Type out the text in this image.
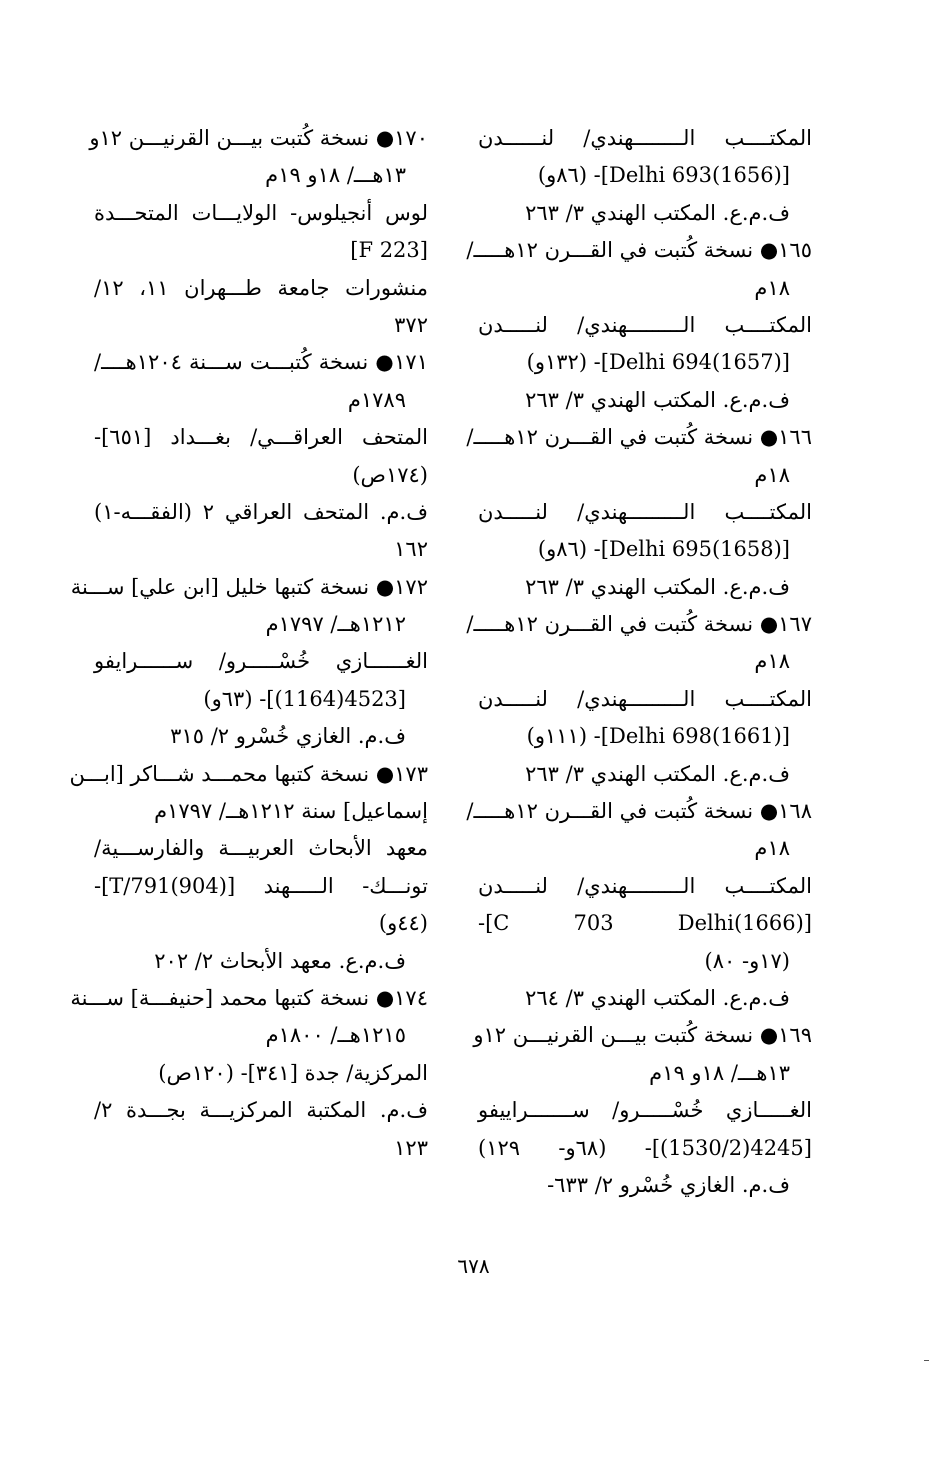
المكتــــب الــــــــهندي/ لنــــــدن
[Delhi 693(1656)]- (٨٦و)
ف.م.ع. المكتب الهندي ٣/ ٢٦٣
١٦٥● نسخة كُتبت في القـــرن ١٢هـــــ/
١٨م
المكتــــب الـــــــــهندي/ لنـــــدن
[Delhi 694(1657)]- (١٣٢و)
ف.م.ع. المكتب الهندي ٣/ ٢٦٣
١٦٦● نسخة كُتبت في القـــرن ١٢هـــــ/
١٨م
المكتــــب الـــــــــهندي/ لنـــــدن
[Delhi 695(1658)]- (٨٦و)
ف.م.ع. المكتب الهندي ٣/ ٢٦٣
١٦٧● نسخة كُتبت في القـــرن ١٢هـــــ/
١٨م
المكتــــب الـــــــــهندي/ لنـــــدن
[Delhi 698(1661)]- (١١١و)
ف.م.ع. المكتب الهندي ٣/ ٢٦٣
١٦٨● نسخة كُتبت في القـــرن ١٢هـــــ/
١٨م
المكتــــب الـــــــــهندي/ لنـــــدن
[C 703 Delhi(1666)]-
(١٧و- ٨٠)
ف.م.ع. المكتب الهندي ٣/ ٢٦٤
١٦٩● نسخة كُتبت بيـــن القرنيـــن ١٢و
١٣هـــ/ ١٨و ١٩م
الغـــــازي خُسْـــــرو/ ســـــــراييفو
[4245(1530/2)]- (٦٨و- ١٢٩)
ف.م. الغازي خُسْرو ٢/ ٦٣٣-
١٧٠● نسخة كُتبت بيـــن القرنيـــن ١٢و
١٣هـــ/ ١٨و ١٩م
لوس أنجيلوس- الولايـــات المتحـــدة
[F 223]
منشورات جامعة طـــهران ١١، ١٢/
٣٧٢
١٧١● نسخة كُتبـــت ســـنة ١٢٠٤هــــ/
١٧٨٩م
المتحف العراقـــي/ بغـــداد [٦٥١]-
(١٧٤ص)
ف.م. المتحف العراقي ٢ (الفقـــه-١)
١٦٢
١٧٢● نسخة كتبها خليل [ابن علي] ســـنة
١٢١٢هــ/ ١٧٩٧م
الغــــــازي خُسْـــــرو/ ســــــرايفو
[4523(1164)]- (٦٣و)
ف.م. الغازي خُسْرو ٢/ ٣١٥
١٧٣● نسخة كتبها محمـــد شـــاكر [ابـــن
إسماعيل] سنة ١٢١٢هــ/ ١٧٩٧م
معهد الأبحاث العربيـــة والفارســـية/
تونـــك- الـــــهند [T/791(904)]-
(٤٤و)
ف.م.ع. معهد الأبحاث ٢/ ٢٠٢
١٧٤● نسخة كتبها محمد [حنيفـــة] ســـنة
١٢١٥هــ/ ١٨٠٠م
المركزية/ جدة [٣٤١]- (١٢٠ص)
ف.م. المكتبة المركزيـــة بجـــدة ٢/
١٢٣
٦٧٨
